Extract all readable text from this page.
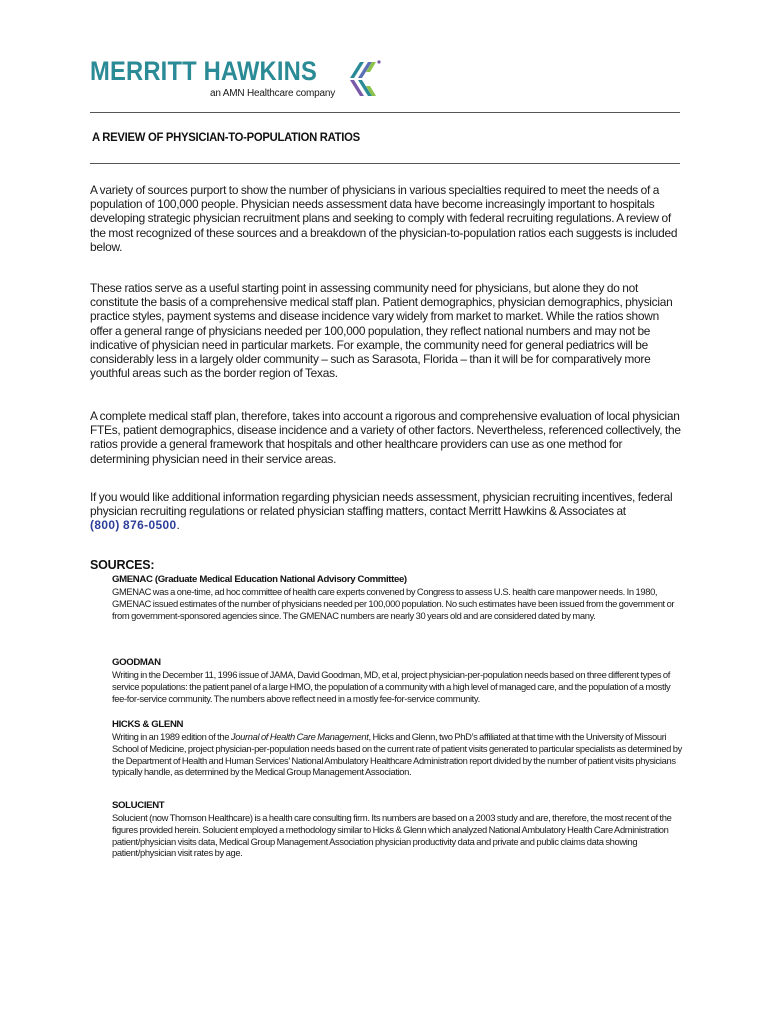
MERRITT HAWKINS
an AMN Healthcare company
A REVIEW OF PHYSICIAN-TO-POPULATION RATIOS

A variety of sources purport to show the number of physicians in various specialties required to meet the needs of a population of 100,000 people. Physician needs assessment data have become increasingly important to hospitals developing strategic physician recruitment plans and seeking to comply with federal recruiting regulations. A review of the most recognized of these sources and a breakdown of the physician-to-population ratios each suggests is included below.

These ratios serve as a useful starting point in assessing community need for physicians, but alone they do not constitute the basis of a comprehensive medical staff plan. Patient demographics, physician demographics, physician practice styles, payment systems and disease incidence vary widely from market to market. While the ratios shown offer a general range of physicians needed per 100,000 population, they reflect national numbers and may not be indicative of physician need in particular markets. For example, the community need for general pediatrics will be considerably less in a largely older community – such as Sarasota, Florida – than it will be for comparatively more youthful areas such as the border region of Texas.

A complete medical staff plan, therefore, takes into account a rigorous and comprehensive evaluation of local physician FTEs, patient demographics, disease incidence and a variety of other factors. Nevertheless, referenced collectively, the ratios provide a general framework that hospitals and other healthcare providers can use as one method for determining physician need in their service areas.

If you would like additional information regarding physician needs assessment, physician recruiting incentives, federal physician recruiting regulations or related physician staffing matters, contact Merritt Hawkins & Associates at
(800) 876-0500.

SOURCES:

GMENAC (Graduate Medical Education National Advisory Committee)

GMENAC was a one-time, ad hoc committee of health care experts convened by Congress to assess U.S. health care manpower needs. In 1980, GMENAC issued estimates of the number of physicians needed per 100,000 population. No such estimates have been issued from the government or from government-sponsored agencies since. The GMENAC numbers are nearly 30 years old and are considered dated by many.

GOODMAN

Writing in the December 11, 1996 issue of JAMA, David Goodman, MD, et al, project physician-per-population needs based on three different types of service populations: the patient panel of a large HMO, the population of a community with a high level of managed care, and the population of a mostly fee-for-service community. The numbers above reflect need in a mostly fee-for-service community.

HICKS & GLENN

Writing in an 1989 edition of the Journal of Health Care Management, Hicks and Glenn, two PhD’s affiliated at that time with the University of Missouri School of Medicine, project physician-per-population needs based on the current rate of patient visits generated to particular specialists as determined by the Department of Health and Human Services’ National Ambulatory Healthcare Administration report divided by the number of patient visits physicians typically handle, as determined by the Medical Group Management Association.

SOLUCIENT

Solucient (now Thomson Healthcare) is a health care consulting firm. Its numbers are based on a 2003 study and are, therefore, the most recent of the figures provided herein. Solucient employed a methodology similar to Hicks & Glenn which analyzed National Ambulatory Health Care Administration patient/physician visits data, Medical Group Management Association physician productivity data and private and public claims data showing patient/physician visit rates by age.
